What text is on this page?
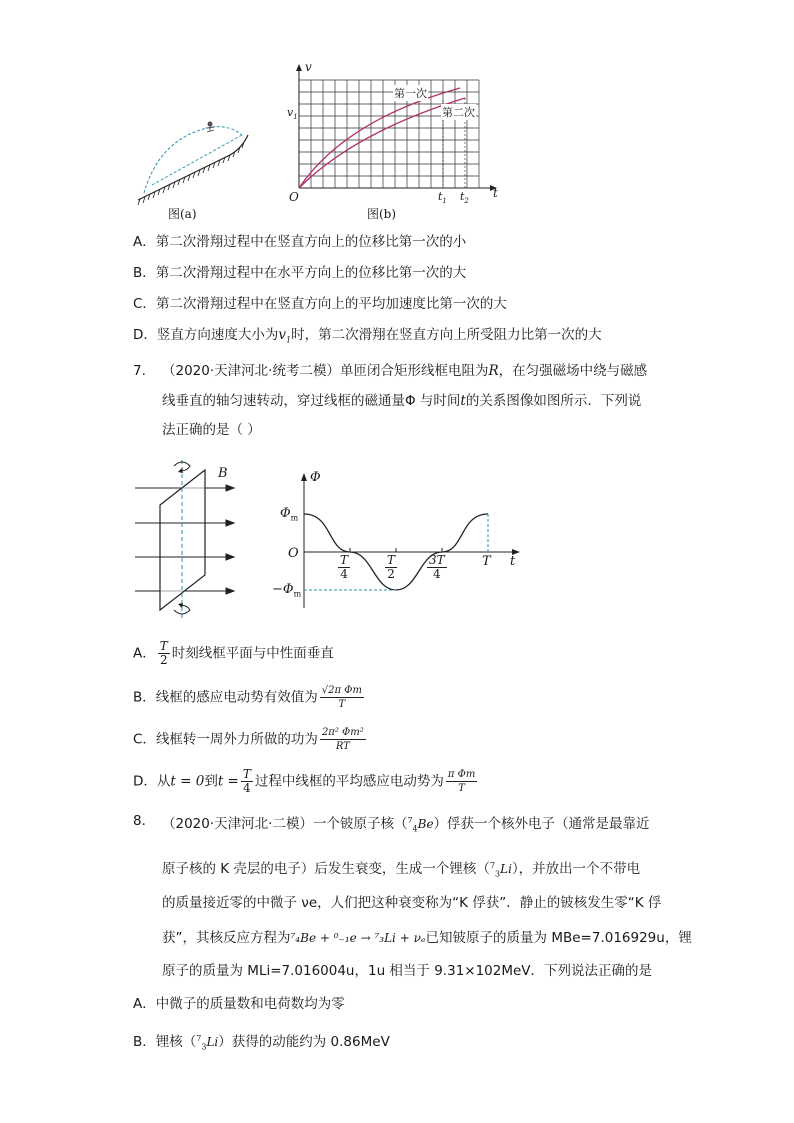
图(a)
v
t
O
$v_1$
$t_1$ $t_2$
第一次
第二次
图(b)
A．第二次滑翔过程中在竖直方向上的位移比第一次的小
B．第二次滑翔过程中在水平方向上的位移比第一次的大
C．第二次滑翔过程中在竖直方向上的平均加速度比第一次的大
D．竖直方向速度大小为$v_1$时，第二次滑翔在竖直方向上所受阻力比第一次的大
7. （2020·天津河北·统考二模）单匝闭合矩形线框电阻为R，在匀强磁场中绕与磁感
线垂直的轴匀速转动，穿过线框的磁通量Φ 与时间t的关系图像如图所示．下列说
法正确的是（ ）
B	Φ
t
O
$\Phi_m$
$-\Phi_m$
$\frac{T}{4}$	$\frac{T}{2} \frac{3T}{4}$	T
A． $\frac{T}{2}$ 时刻线框平面与中性面垂直
B．线框的感应电动势有效值为 $\frac{\text{√2π Φm}}{T}$
C．线框转一周外力所做的功为 $\frac{\text{2π² Φm²}}{RT}$
D．从t = 0到$t = \frac{T}{4}$ 过程中线框的平均感应电动势为 $\frac{\text{π Φm}}{T}$
8. （2020·天津河北·二模）一个铍原子核（$^7_4$Be）俘获一个核外电子（通常是最靠近
原子核的 K 壳层的电子）后发生衰变，生成一个锂核（$^7_3$Li），并放出一个不带电
的质量接近零的中微子 νe，人们把这种衰变称为“K 俘获”．静止的铍核发生零“K 俘
获”，其核反应方程为⁷₄Be + ⁰₋₁e → ⁷₃Li + νₑ已知铍原子的质量为 MBe=7.016929u，锂
原子的质量为 MLi=7.016004u，1u 相当于 9.31×102MeV．下列说法正确的是
A．中微子的质量数和电荷数均为零
B．锂核（$^7_3$Li）获得的动能约为 0.86MeV
